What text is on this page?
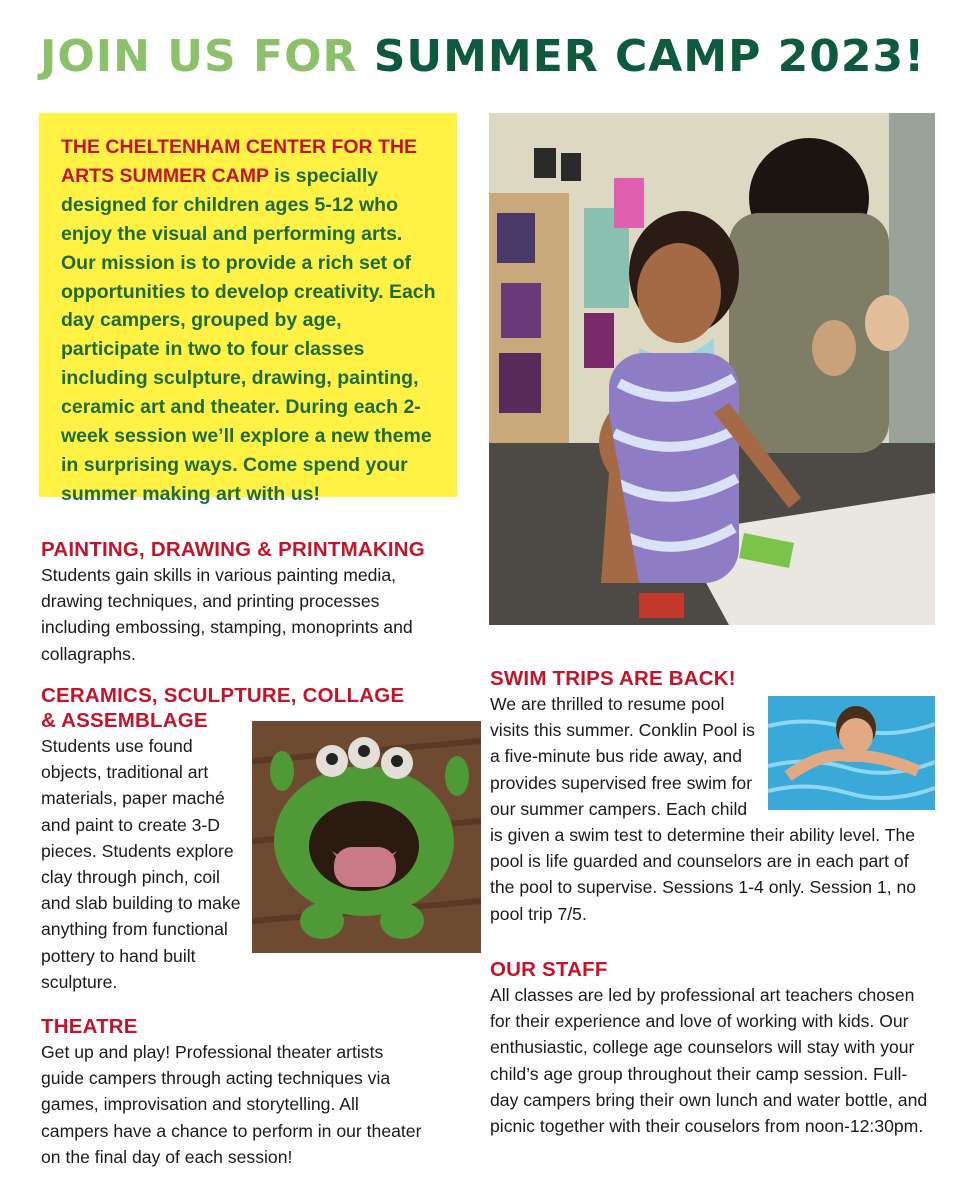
JOIN US FOR SUMMER CAMP 2023!

THE CHELTENHAM CENTER FOR THE ARTS SUMMER CAMP is specially designed for children ages 5-12 who enjoy the visual and performing arts. Our mission is to provide a rich set of opportunities to develop creativity. Each day campers, grouped by age, participate in two to four classes including sculpture, drawing, painting, ceramic art and theater. During each 2-week session we’ll explore a new theme in surprising ways. Come spend your summer making art with us!

PAINTING, DRAWING & PRINTMAKING

Students gain skills in various painting media, drawing techniques, and printing processes including embossing, stamping, monoprints and collagraphs.

CERAMICS, SCULPTURE, COLLAGE & ASSEMBLAGE

Students use found objects, traditional art materials, paper maché and paint to create 3-D pieces. Students explore clay through pinch, coil and slab building to make anything from functional pottery to hand built sculpture.

THEATRE

Get up and play! Professional theater artists guide campers through acting techniques via games, improvisation and storytelling. All campers have a chance to perform in our theater on the final day of each session!

SWIM TRIPS ARE BACK!

We are thrilled to resume pool visits this summer. Conklin Pool is a five-minute bus ride away, and provides supervised free swim for our summer campers. Each child is given a swim test to determine their ability level. The pool is life guarded and counselors are in each part of the pool to supervise. Sessions 1-4 only. Session 1, no pool trip 7/5.

OUR STAFF

All classes are led by professional art teachers chosen for their experience and love of working with kids. Our enthusiastic, college age counselors will stay with your child’s age group throughout their camp session. Full-day campers bring their own lunch and water bottle, and picnic together with their couselors from noon-12:30pm.
